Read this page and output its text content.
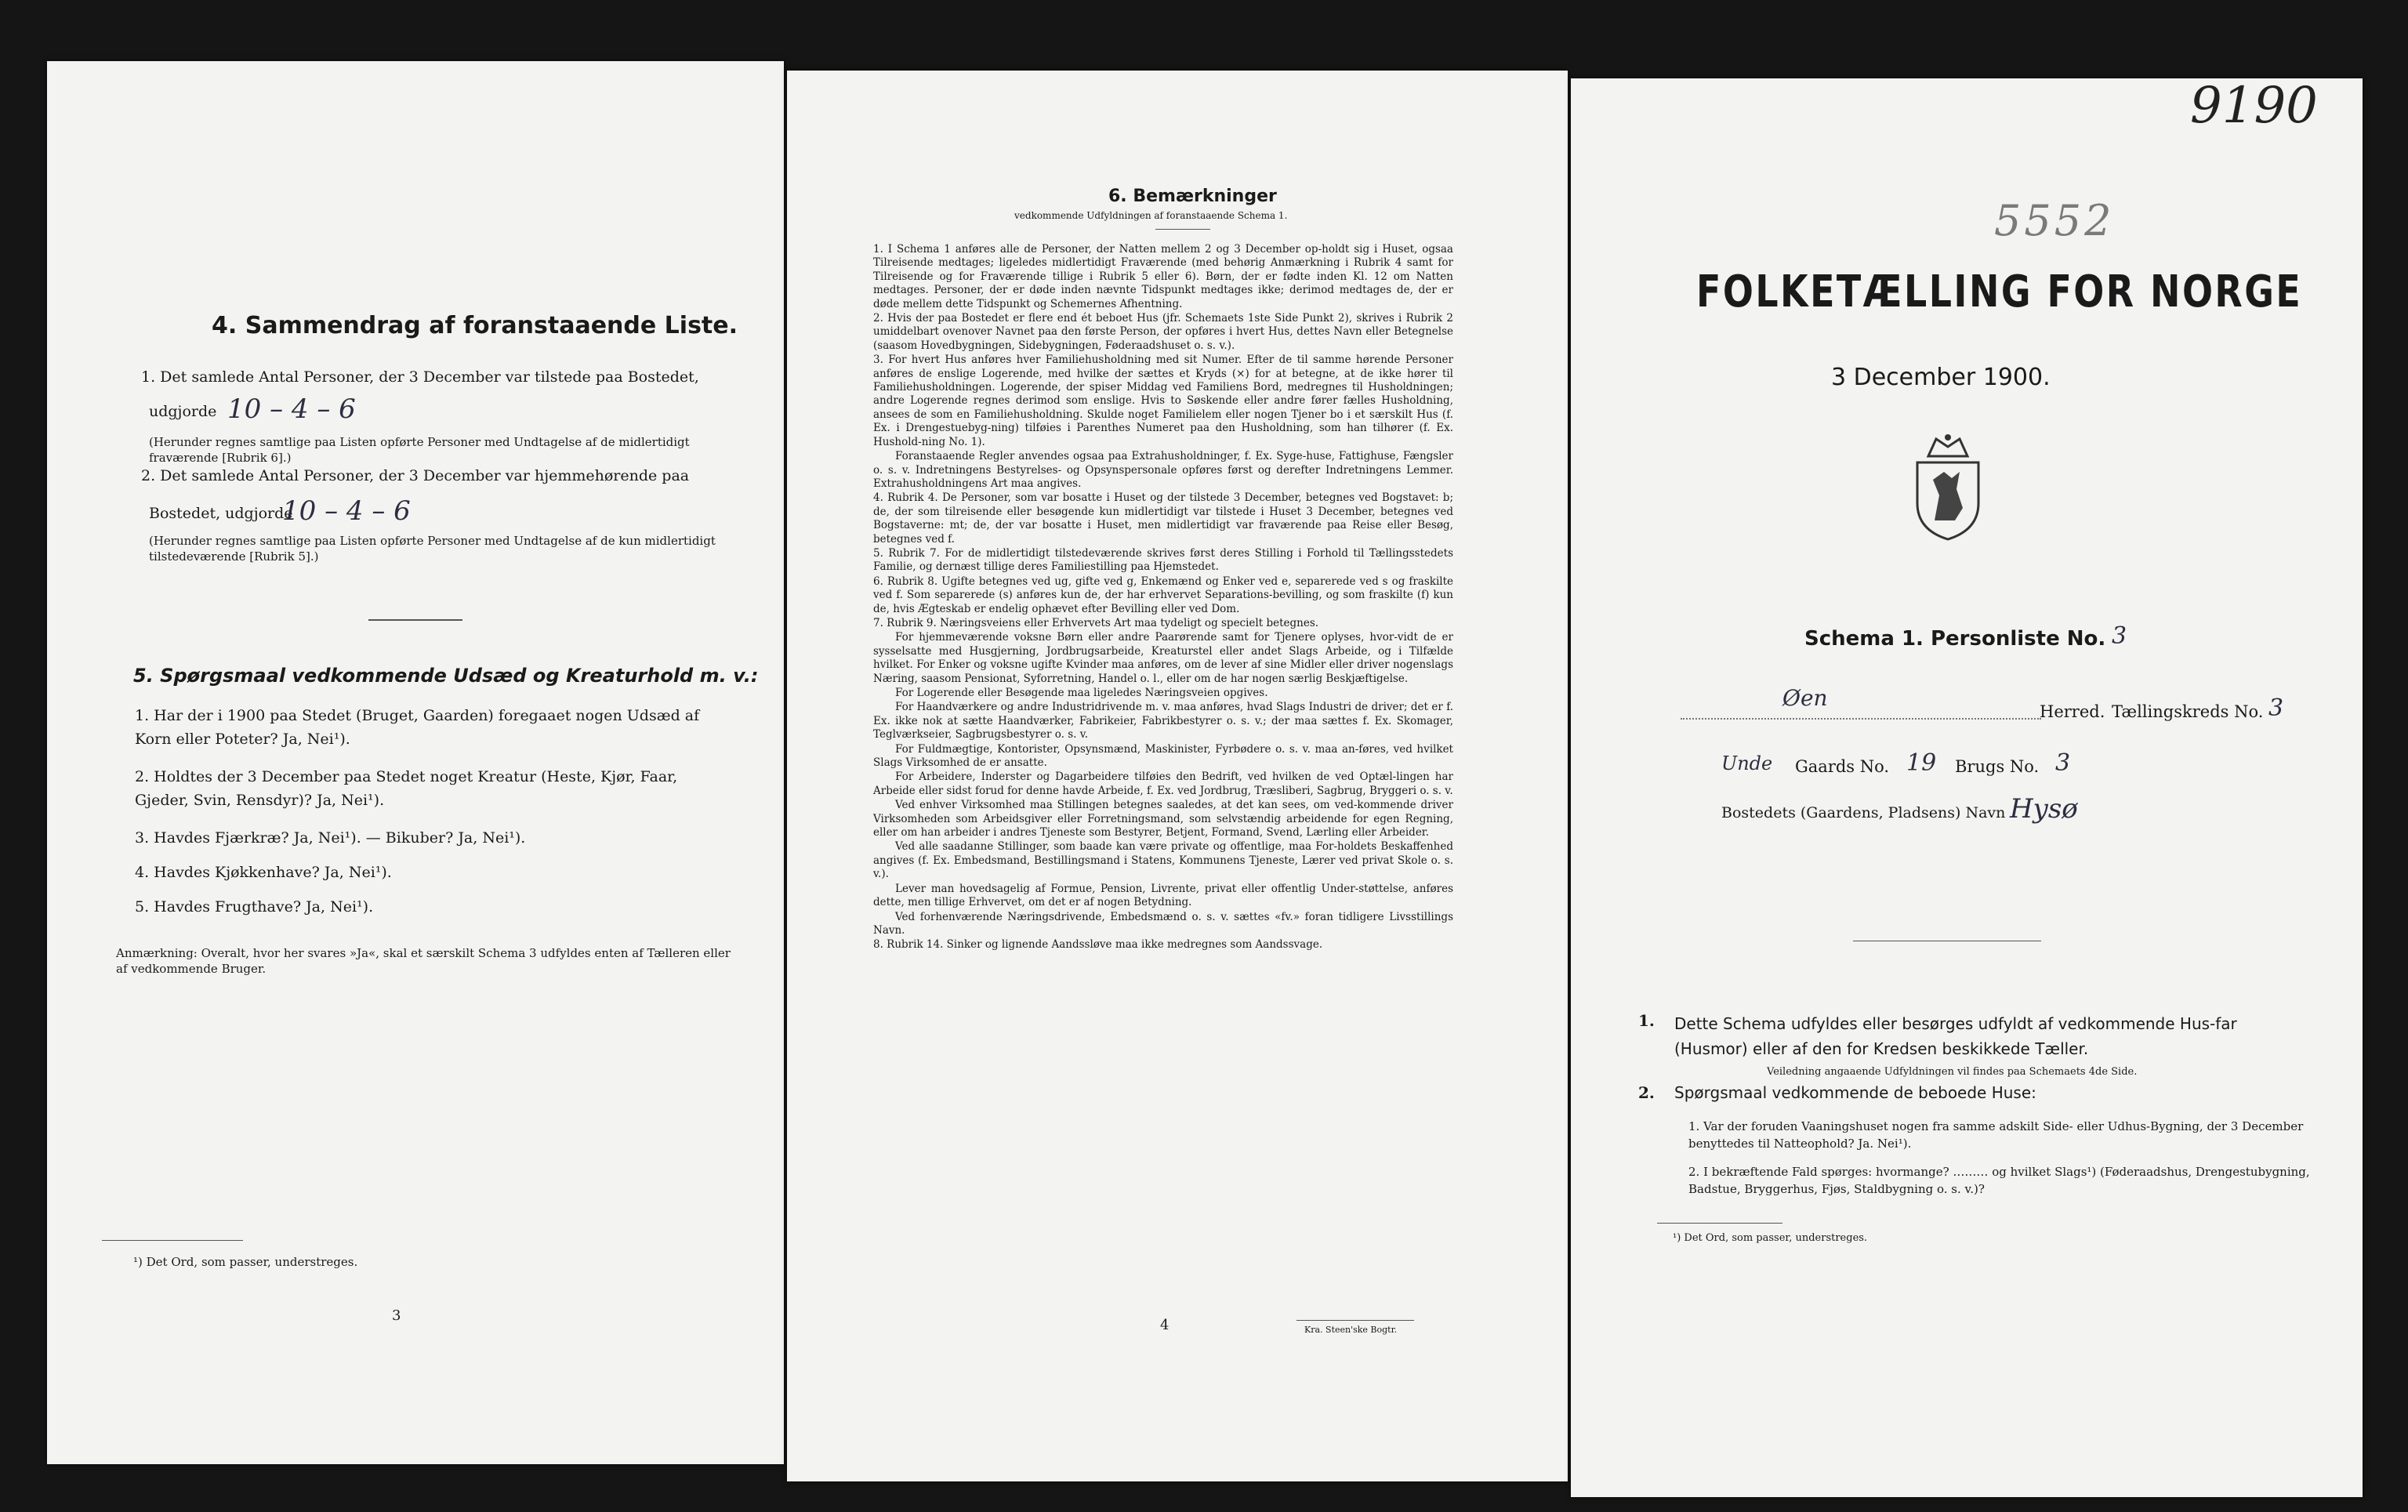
4. Sammendrag af foranstaaende Liste.
1. Det samlede Antal Personer, der 3 December var tilstede paa Bostedet,
udgjorde 10 – 4 – 6
(Herunder regnes samtlige paa Listen opførte Personer med Undtagelse af de midlertidigt fraværende [Rubrik 6].)
2. Det samlede Antal Personer, der 3 December var hjemmehørende paa
Bostedet, udgjorde
10 – 4 – 6
(Herunder regnes samtlige paa Listen opførte Personer med Undtagelse af de kun midlertidigt tilstedeværende [Rubrik 5].)
5. Spørgsmaal vedkommende Udsæd og Kreaturhold m. v.:
1. Har der i 1900 paa Stedet (Bruget, Gaarden) foregaaet nogen Udsæd af Korn eller Poteter? Ja, Nei¹).
2. Holdtes der 3 December paa Stedet noget Kreatur (Heste, Kjør, Faar, Gjeder, Svin, Rensdyr)? Ja, Nei¹).
3. Havdes Fjærkræ? Ja, Nei¹). — Bikuber? Ja, Nei¹).
4. Havdes Kjøkkenhave? Ja, Nei¹).
5. Havdes Frugthave? Ja, Nei¹).
Anmærkning: Overalt, hvor her svares »Ja«, skal et særskilt Schema 3 udfyldes enten af Tælleren eller af vedkommende Bruger.
¹) Det Ord, som passer, understreges.
3
6. Bemærkninger
vedkommende Udfyldningen af foranstaaende Schema 1.

1. I Schema 1 anføres alle de Personer, der Natten mellem 2 og 3 December op-holdt sig i Huset, ogsaa Tilreisende medtages; ligeledes midlertidigt Fraværende (med behørig Anmærkning i Rubrik 4 samt for Tilreisende og for Fraværende tillige i Rubrik 5 eller 6). Børn, der er fødte inden Kl. 12 om Natten medtages. Personer, der er døde inden nævnte Tidspunkt medtages ikke; derimod medtages de, der er døde mellem dette Tidspunkt og Schemernes Afhentning.

2. Hvis der paa Bostedet er flere end ét beboet Hus (jfr. Schemaets 1ste Side Punkt 2), skrives i Rubrik 2 umiddelbart ovenover Navnet paa den første Person, der opføres i hvert Hus, dettes Navn eller Betegnelse (saasom Hovedbygningen, Sidebygningen, Føderaadshuset o. s. v.).

3. For hvert Hus anføres hver Familiehusholdning med sit Numer. Efter de til samme hørende Personer anføres de enslige Logerende, med hvilke der sættes et Kryds (×) for at betegne, at de ikke hører til Familiehusholdningen. Logerende, der spiser Middag ved Familiens Bord, medregnes til Husholdningen; andre Logerende regnes derimod som enslige. Hvis to Søskende eller andre fører fælles Husholdning, ansees de som en Familiehusholdning. Skulde noget Familielem eller nogen Tjener bo i et særskilt Hus (f. Ex. i Drengestuebyg-ning) tilføies i Parenthes Numeret paa den Husholdning, som han tilhører (f. Ex. Hushold-ning No. 1).

Foranstaaende Regler anvendes ogsaa paa Extrahusholdninger, f. Ex. Syge-huse, Fattighuse, Fængsler o. s. v. Indretningens Bestyrelses- og Opsynspersonale opføres først og derefter Indretningens Lemmer. Extrahusholdningens Art maa angives.

4. Rubrik 4. De Personer, som var bosatte i Huset og der tilstede 3 December, betegnes ved Bogstavet: b; de, der som tilreisende eller besøgende kun midlertidigt var tilstede i Huset 3 December, betegnes ved Bogstaverne: mt; de, der var bosatte i Huset, men midlertidigt var fraværende paa Reise eller Besøg, betegnes ved f.

5. Rubrik 7. For de midlertidigt tilstedeværende skrives først deres Stilling i Forhold til Tællingsstedets Familie, og dernæst tillige deres Familiestilling paa Hjemstedet.

6. Rubrik 8. Ugifte betegnes ved ug, gifte ved g, Enkemænd og Enker ved e, separerede ved s og fraskilte ved f. Som separerede (s) anføres kun de, der har erhvervet Separations-bevilling, og som fraskilte (f) kun de, hvis Ægteskab er endelig ophævet efter Bevilling eller ved Dom.

7. Rubrik 9. Næringsveiens eller Erhvervets Art maa tydeligt og specielt betegnes.

For hjemmeværende voksne Børn eller andre Paarørende samt for Tjenere oplyses, hvor-vidt de er sysselsatte med Husgjerning, Jordbrugsarbeide, Kreaturstel eller andet Slags Arbeide, og i Tilfælde hvilket. For Enker og voksne ugifte Kvinder maa anføres, om de lever af sine Midler eller driver nogenslags Næring, saasom Pensionat, Syforretning, Handel o. l., eller om de har nogen særlig Beskjæftigelse.

For Logerende eller Besøgende maa ligeledes Næringsveien opgives.

For Haandværkere og andre Industridrivende m. v. maa anføres, hvad Slags Industri de driver; det er f. Ex. ikke nok at sætte Haandværker, Fabrikeier, Fabrikbestyrer o. s. v.; der maa sættes f. Ex. Skomager, Teglværkseier, Sagbrugsbestyrer o. s. v.

For Fuldmægtige, Kontorister, Opsynsmænd, Maskinister, Fyrbødere o. s. v. maa an-føres, ved hvilket Slags Virksomhed de er ansatte.

For Arbeidere, Inderster og Dagarbeidere tilføies den Bedrift, ved hvilken de ved Optæl-lingen har Arbeide eller sidst forud for denne havde Arbeide, f. Ex. ved Jordbrug, Træsliberi, Sagbrug, Bryggeri o. s. v.

Ved enhver Virksomhed maa Stillingen betegnes saaledes, at det kan sees, om ved-kommende driver Virksomheden som Arbeidsgiver eller Forretningsmand, som selvstændig arbeidende for egen Regning, eller om han arbeider i andres Tjeneste som Bestyrer, Betjent, Formand, Svend, Lærling eller Arbeider.

Ved alle saadanne Stillinger, som baade kan være private og offentlige, maa For-holdets Beskaffenhed angives (f. Ex. Embedsmand, Bestillingsmand i Statens, Kommunens Tjeneste, Lærer ved privat Skole o. s. v.).

Lever man hovedsagelig af Formue, Pension, Livrente, privat eller offentlig Under-støttelse, anføres dette, men tillige Erhvervet, om det er af nogen Betydning.

Ved forhenværende Næringsdrivende, Embedsmænd o. s. v. sættes «fv.» foran tidligere Livsstillings Navn.

8. Rubrik 14. Sinker og lignende Aandssløve maa ikke medregnes som Aandssvage.

4	Kra. Steen'ske Bogtr.
9190
5552
FOLKETÆLLING FOR NORGE
3 December 1900.
Schema 1. Personliste No. 3
Øen
Herred. Tællingskreds No. 3
Unde Gaards No. 19 Brugs No. 3
Bostedets (Gaardens, Pladsens) Navn Hysø
1. Dette Schema udfyldes eller besørges udfyldt af vedkommende Hus-far (Husmor) eller af den for Kredsen beskikkede Tæller.
Veiledning angaaende Udfyldningen vil findes paa Schemaets 4de Side.
2. Spørgsmaal vedkommende de beboede Huse:
1. Var der foruden Vaaningshuset nogen fra samme adskilt Side- eller Udhus-Bygning, der 3 December benyttedes til Natteophold? Ja. Nei¹).
2. I bekræftende Fald spørges: hvormange? ……… og hvilket Slags¹) (Føderaadshus, Drengestubygning, Badstue, Bryggerhus, Fjøs, Staldbygning o. s. v.)?
¹) Det Ord, som passer, understreges.
